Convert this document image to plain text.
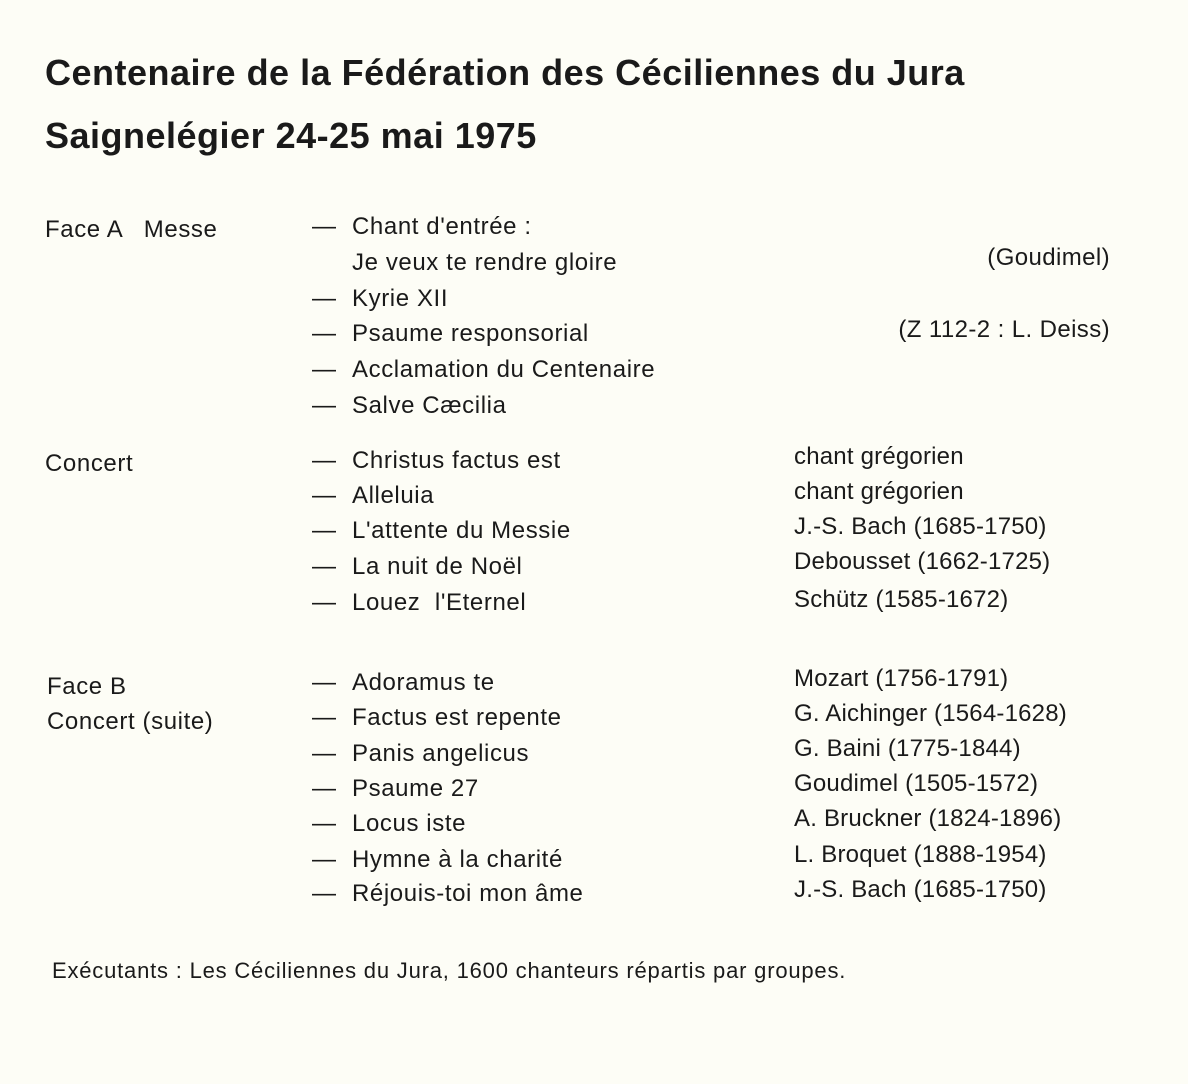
Centenaire de la Fédération des Céciliennes du Jura
Saignelégier 24-25 mai 1975
Face A   Messe	— Chant d'entrée :
Je veux te rendre gloire	(Goudimel)
— Kyrie XII
— Psaume responsorial	(Z 112-2 : L. Deiss)
— Acclamation du Centenaire
— Salve Cæcilia
Concert	— Christus factus est	chant grégorien
— Alleluia	chant grégorien
— L'attente du Messie	J.-S. Bach (1685-1750)
— La nuit de Noël	Debousset (1662-1725)
— Louez  l'Eternel	Schütz (1585-1672)
Face B
Concert (suite)
— Adoramus te	Mozart (1756-1791)
— Factus est repente	G. Aichinger (1564-1628)
— Panis angelicus	G. Baini (1775-1844)
— Psaume 27	Goudimel (1505-1572)
— Locus iste	A. Bruckner (1824-1896)
— Hymne à la charité	L. Broquet (1888-1954)
— Réjouis-toi mon âme	J.-S. Bach (1685-1750)
Exécutants : Les Céciliennes du Jura, 1600 chanteurs répartis par groupes.
